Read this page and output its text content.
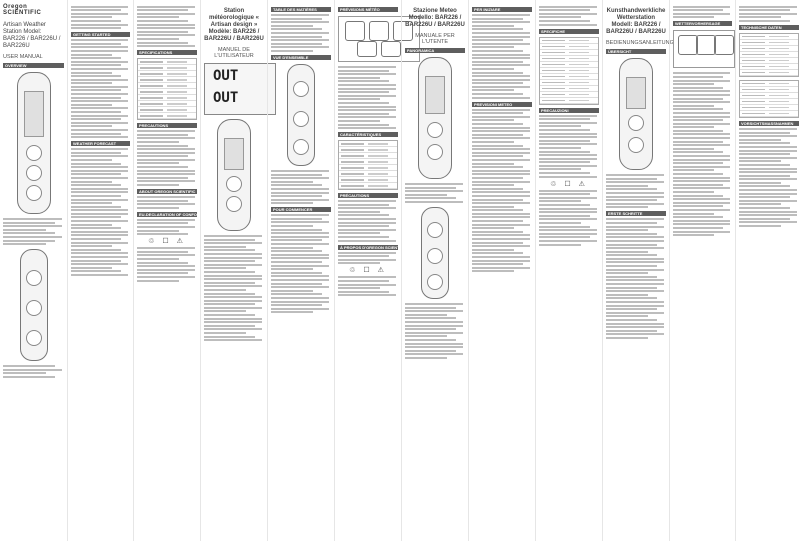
Oregon SCIENTIFIC
Artisan Weather Station Model: BAR226 / BAR226U / BAR226U
USER MANUAL
OVERVIEW
GETTING STARTED
WEATHER FORECAST
SPECIFICATIONS
PRECAUTIONS
ABOUT OREGON SCIENTIFIC
EU-DECLARATION OF CONFORMITY
♲ ☐ ⚠
Station météorologique « Artisan design » Modèle: BAR226 / BAR226U / BAR226U
MANUEL DE L'UTILISATEUR
OUT
OUT
TABLE DES MATIÈRES
VUE D'ENSEMBLE
POUR COMMENCER
PRÉVISIONS MÉTÉO
CARACTÉRISTIQUES
PRÉCAUTIONS
À PROPOS D'OREGON SCIENTIFIC
♲ ☐ ⚠
Stazione Meteo Modello: BAR226 / BAR226U / BAR226U
MANUALE PER L'UTENTE
PANORAMICA
PER INIZIARE
PREVISIONI METEO
SPECIFICHE
PRECAUZIONI
♲ ☐ ⚠
Kunsthandwerkliche Wetterstation Modell: BAR226 / BAR226U / BAR226U
BEDIENUNGSANLEITUNG
ÜBERSICHT
ERSTE SCHRITTE
WETTERVORHERSAGE
TECHNISCHE DATEN
VORSICHTSMASSNAHMEN
